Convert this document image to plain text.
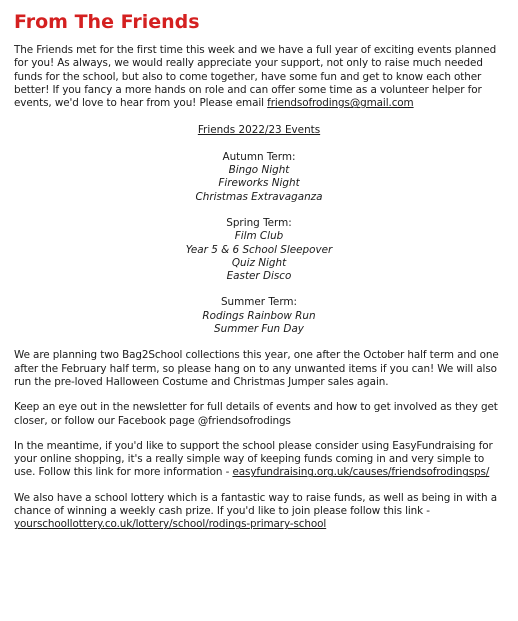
From The Friends

The Friends met for the first time this week and we have a full year of exciting events planned for you! As always, we would really appreciate your support, not only to raise much needed funds for the school, but also to come together, have some fun and get to know each other better! If you fancy a more hands on role and can offer some time as a volunteer helper for events, we'd love to hear from you! Please email friendsofrodings@gmail.com

Friends 2022/23 Events
Autumn Term:
Bingo Night
Fireworks Night
Christmas Extravaganza
Spring Term:
Film Club
Year 5 & 6 School Sleepover
Quiz Night
Easter Disco
Summer Term:
Rodings Rainbow Run
Summer Fun Day

We are planning two Bag2School collections this year, one after the October half term and one after the February half term, so please hang on to any unwanted items if you can! We will also run the pre-loved Halloween Costume and Christmas Jumper sales again.

Keep an eye out in the newsletter for full details of events and how to get involved as they get closer, or follow our Facebook page @friendsofrodings

In the meantime, if you'd like to support the school please consider using EasyFundraising for your online shopping, it's a really simple way of keeping funds coming in and very simple to use. Follow this link for more information - easyfundraising.org.uk/causes/friendsofrodingsps/

We also have a school lottery which is a fantastic way to raise funds, as well as being in with a chance of winning a weekly cash prize. If you'd like to join please follow this link - yourschoollottery.co.uk/lottery/school/rodings-primary-school
